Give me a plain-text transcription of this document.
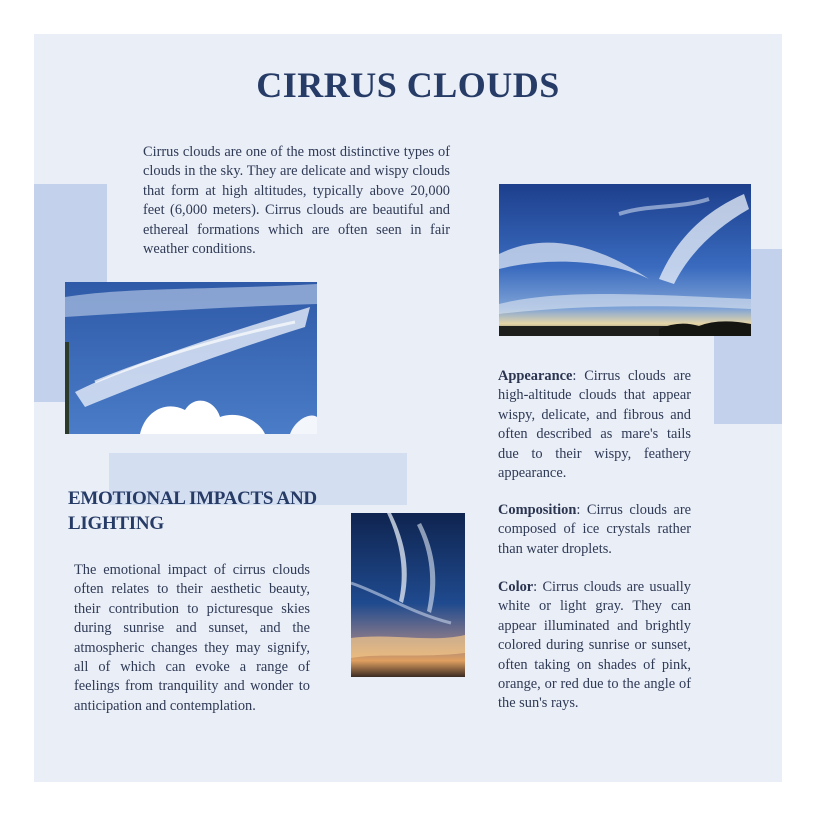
CIRRUS CLOUDS

Cirrus clouds are one of the most distinctive types of clouds in the sky. They are delicate and wispy clouds that form at high altitudes, typically above 20,000 feet (6,000 meters). Cirrus clouds are beautiful and ethereal formations which are often seen in fair weather conditions.

EMOTIONAL IMPACTS AND LIGHTING

The emotional impact of cirrus clouds often relates to their aesthetic beauty, their contribution to picturesque skies during sunrise and sunset, and the atmospheric changes they may signify, all of which can evoke a range of feelings from tranquility and wonder to anticipation and contemplation.

Appearance: Cirrus clouds are high-altitude clouds that appear wispy, delicate, and fibrous and often described as mare's tails due to their wispy, feathery appearance.

Composition: Cirrus clouds are composed of ice crystals rather than water droplets.

Color: Cirrus clouds are usually white or light gray. They can appear illuminated and brightly colored during sunrise or sunset, often taking on shades of pink, orange, or red due to the angle of the sun's rays.
